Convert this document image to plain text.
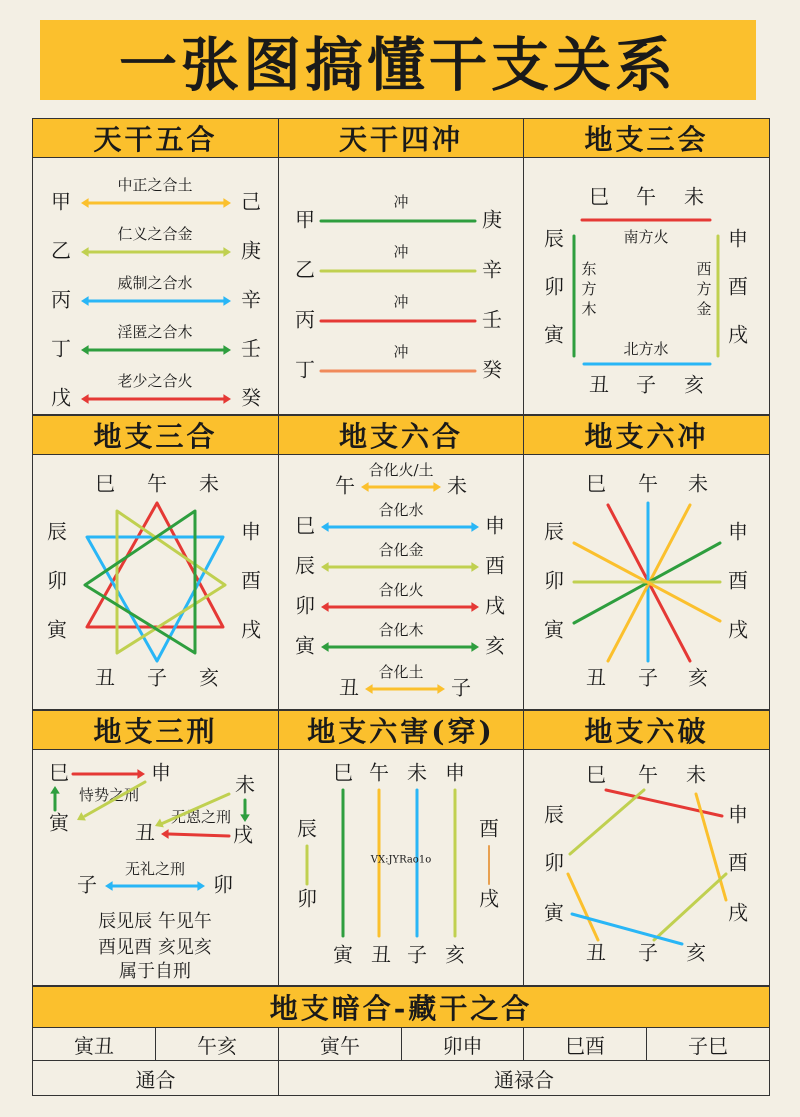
一张图搞懂干支关系
天干五合	天干四冲	地支三会
甲
中正之合土
己
乙
仁义之合金
庚
丙
威制之合水
辛
丁
淫匿之合木
壬
戊
老少之合火
癸
甲
冲
庚
乙
冲
辛
丙
冲
壬
丁
冲
癸
巳 午 未
丑 子 亥
辰
卯
寅
申
酉
戌
南方火
东
方
木
西
方
金
北方水
地支三合	地支六合	地支六冲
巳 午 未
丑 子 亥
辰
卯
寅
申
酉
戌
午
合化火/土
未
巳
合化水
申
辰
合化金
酉
卯
合化火
戌
寅
合化木
亥
丑
合化土
子
巳 午 未
丑 子 亥
辰
卯
寅
申
酉
戌
地支三刑	地支六害(穿)	地支六破
巳	申
寅
恃势之刑	未
丑	戌
无恩之刑
无礼之刑
子	卯
辰见辰 午见午
酉见酉 亥见亥
属于自刑
巳 午 未 申
寅 丑 子 亥
辰
卯
酉
戌
VX:JYRao1o
巳 午 未
丑 子 亥
辰
卯
寅
申
酉
戌
地支暗合-藏干之合
寅丑	午亥	寅午	卯申	巳酉	子巳
通合	通禄合
